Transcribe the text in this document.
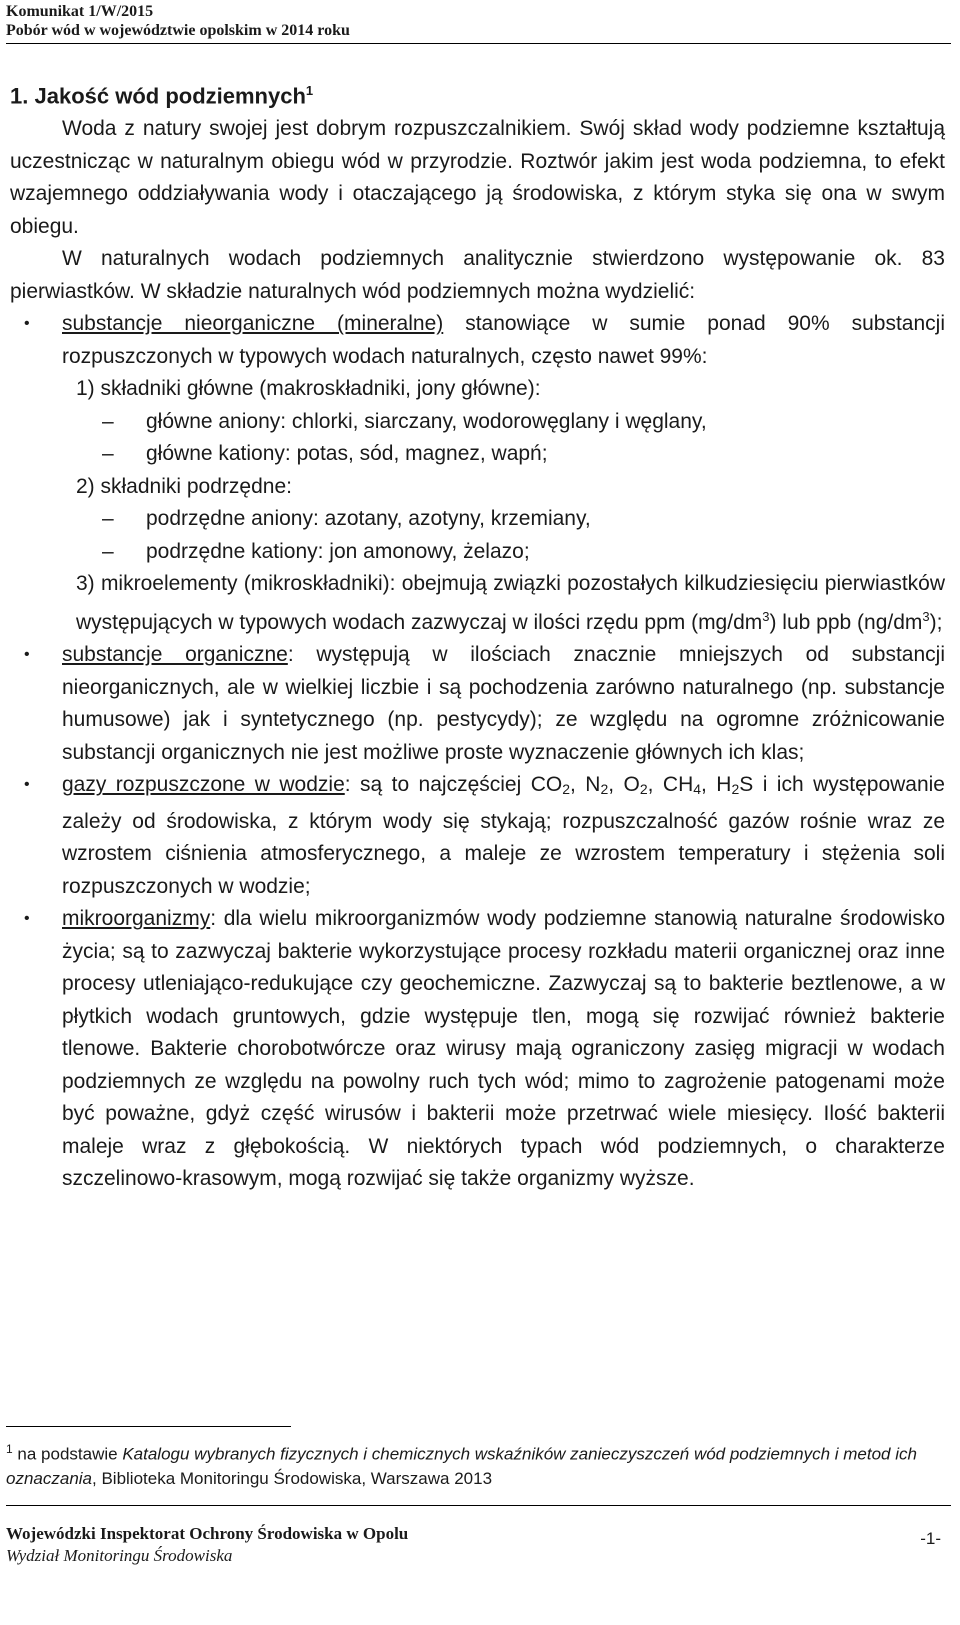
Komunikat 1/W/2015
Pobór wód w województwie opolskim w 2014 roku
1. Jakość wód podziemnych$^1$

Woda z natury swojej jest dobrym rozpuszczalnikiem. Swój skład wody podziemne kształtują uczestnicząc w naturalnym obiegu wód w przyrodzie. Roztwór jakim jest woda podziemna, to efekt wzajemnego oddziaływania wody i otaczającego ją środowiska, z którym styka się ona w swym obiegu.

W naturalnych wodach podziemnych analitycznie stwierdzono występowanie ok. 83 pierwiastków. W składzie naturalnych wód podziemnych można wydzielić:

• substancje nieorganiczne (mineralne) stanowiące w sumie ponad 90% substancji rozpuszczonych w typowych wodach naturalnych, często nawet 99%:
1) składniki główne (makroskładniki, jony główne):
– główne aniony: chlorki, siarczany, wodorowęglany i węglany,
– główne kationy: potas, sód, magnez, wapń;
2) składniki podrzędne:
– podrzędne aniony: azotany, azotyny, krzemiany,
– podrzędne kationy: jon amonowy, żelazo;
3) mikroelementy (mikroskładniki): obejmują związki pozostałych kilkudziesięciu pierwiastków występujących w typowych wodach zazwyczaj w ilości rzędu ppm $(mg/dm^3)$ lub ppb $(ng/dm^3)$;
• substancje organiczne: występują w ilościach znacznie mniejszych od substancji nieorganicznych, ale w wielkiej liczbie i są pochodzenia zarówno naturalnego (np. substancje humusowe) jak i syntetycznego (np. pestycydy); ze względu na ogromne zróżnicowanie substancji organicznych nie jest możliwe proste wyznaczenie głównych ich klas;
• gazy rozpuszczone w wodzie: są to najczęściej $CO_2$, $N_2$, $O_2$, $CH_4$, $H_2S$ i ich występowanie zależy od środowiska, z którym wody się stykają; rozpuszczalność gazów rośnie wraz ze wzrostem ciśnienia atmosferycznego, a maleje ze wzrostem temperatury i stężenia soli rozpuszczonych w wodzie;
• mikroorganizmy: dla wielu mikroorganizmów wody podziemne stanowią naturalne środowisko życia; są to zazwyczaj bakterie wykorzystujące procesy rozkładu materii organicznej oraz inne procesy utleniająco-redukujące czy geochemiczne. Zazwyczaj są to bakterie beztlenowe, a w płytkich wodach gruntowych, gdzie występuje tlen, mogą się rozwijać również bakterie tlenowe. Bakterie chorobotwórcze oraz wirusy mają ograniczony zasięg migracji w wodach podziemnych ze względu na powolny ruch tych wód; mimo to zagrożenie patogenami może być poważne, gdyż część wirusów i bakterii może przetrwać wiele miesięcy. Ilość bakterii maleje wraz z głębokością. W niektórych typach wód podziemnych, o charakterze szczelinowo-krasowym, mogą rozwijać się także organizmy wyższe.
$^1$ na podstawie Katalogu wybranych fizycznych i chemicznych wskaźników zanieczyszczeń wód podziemnych i metod ich oznaczania, Biblioteka Monitoringu Środowiska, Warszawa 2013
Wojewódzki Inspektorat Ochrony Środowiska w Opolu
Wydział Monitoringu Środowiska
-1-
